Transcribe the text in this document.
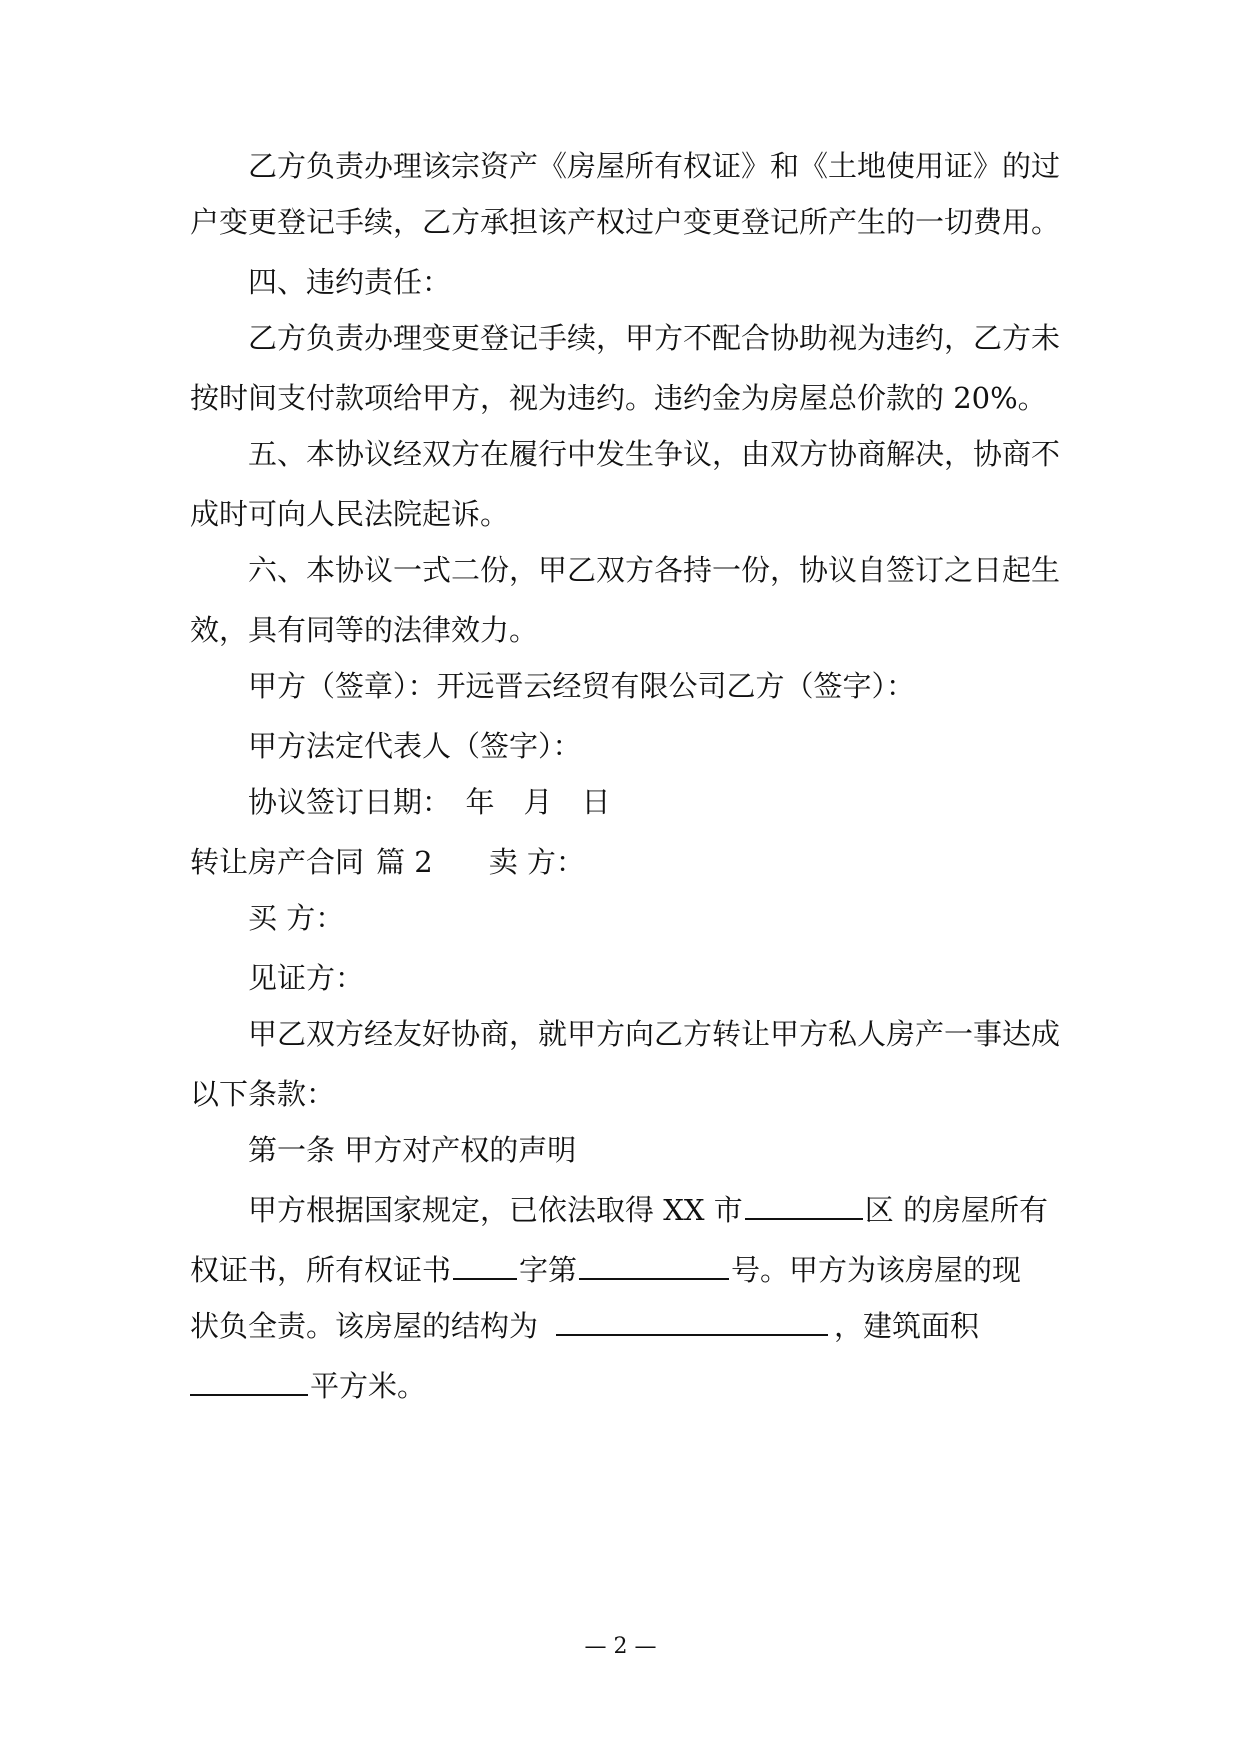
乙方负责办理该宗资产《房屋所有权证》和《土地使用证》的过

户变更登记手续，乙方承担该产权过户变更登记所产生的一切费用。

四、违约责任：

乙方负责办理变更登记手续，甲方不配合协助视为违约，乙方未

按时间支付款项给甲方，视为违约。违约金为房屋总价款的 20%。

五、本协议经双方在履行中发生争议，由双方协商解决，协商不

成时可向人民法院起诉。

六、本协议一式二份，甲乙双方各持一份，协议自签订之日起生

效，具有同等的法律效力。

甲方（签章）：开远晋云经贸有限公司乙方（签字）：

甲方法定代表人（签字）：

协议签订日期：　年　月　日

转让房产合同 篇 2 卖 方：

买 方：

见证方：

甲乙双方经友好协商，就甲方向乙方转让甲方私人房产一事达成

以下条款：

第一条 甲方对产权的声明

甲方根据国家规定，已依法取得 XX 市	区 的房屋所有

权证书，所有权证书 字第	号。甲方为该房屋的现

状负全责。该房屋的结构为	，建筑面积

平方米。

— 2 —
